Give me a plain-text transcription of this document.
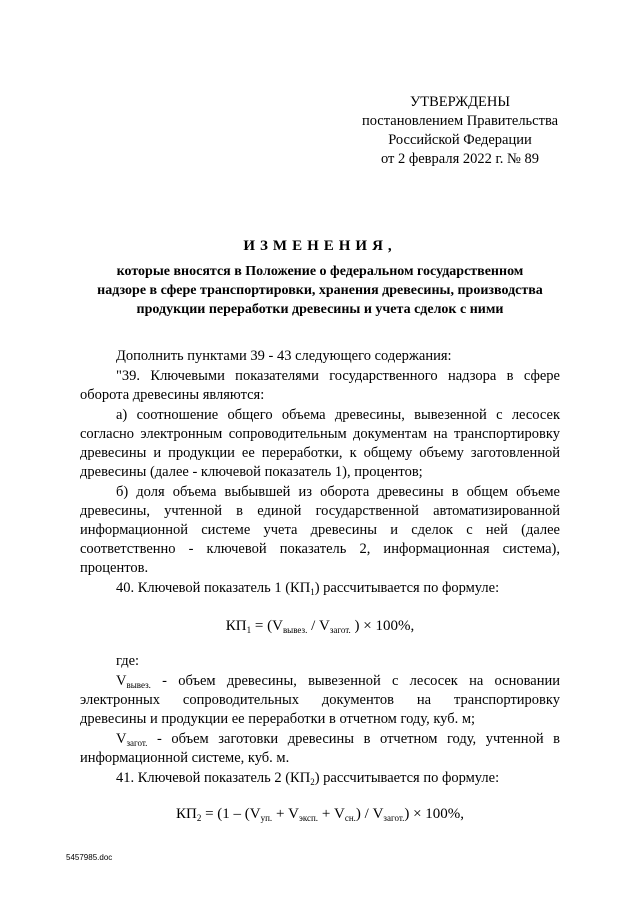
УТВЕРЖДЕНЫ
постановлением Правительства
Российской Федерации
от 2 февраля 2022 г. № 89
ИЗМЕНЕНИЯ,
которые вносятся в Положение о федеральном государственном
надзоре в сфере транспортировки, хранения древесины, производства
продукции переработки древесины и учета сделок с ними
Дополнить пунктами 39 - 43 следующего содержания:
"39. Ключевыми показателями государственного надзора в сфере
оборота древесины являются:
а) соотношение общего объема древесины, вывезенной с лесосек
согласно электронным сопроводительным документам на транспортировку
древесины и продукции ее переработки, к общему объему заготовленной
древесины (далее - ключевой показатель 1), процентов;
б) доля объема выбывшей из оборота древесины в общем объеме
древесины, учтенной в единой государственной автоматизированной
информационной системе учета древесины и сделок с ней (далее
соответственно - ключевой показатель 2, информационная система),
процентов.
40. Ключевой показатель 1 $(КП_1)$ рассчитывается по формуле:
$КП_1 = (V_{вывез.} / V_{загот.}$ ) × 100%,
где:
$V_{вывез.}$ - объем древесины, вывезенной с лесосек на основании
электронных сопроводительных документов на транспортировку
древесины и продукции ее переработки в отчетном году, куб. м;
$V_{загот.}$ - объем заготовки древесины в отчетном году, учтенной в
информационной системе, куб. м.
41. Ключевой показатель 2 $(КП_2)$ рассчитывается по формуле:
$КП_2 = (1 - (V_{уп.} + V_{эксп.} + V_{сн.}) / V_{загот.}) \times 100\%$,
5457985.doc
